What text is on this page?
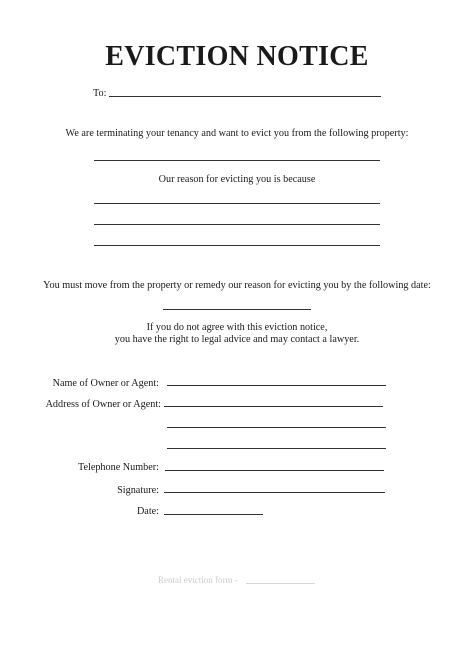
EVICTION NOTICE
To:
We are terminating your tenancy and want to evict you from the following property:
Our reason for evicting you is because
You must move from the property or remedy our reason for evicting you by the following date:
If you do not agree with this eviction notice,
you have the right to legal advice and may contact a lawyer.
Name of Owner or Agent:
Address of Owner or Agent:
Telephone Number:
Signature:
Date:
Rental eviction form -
